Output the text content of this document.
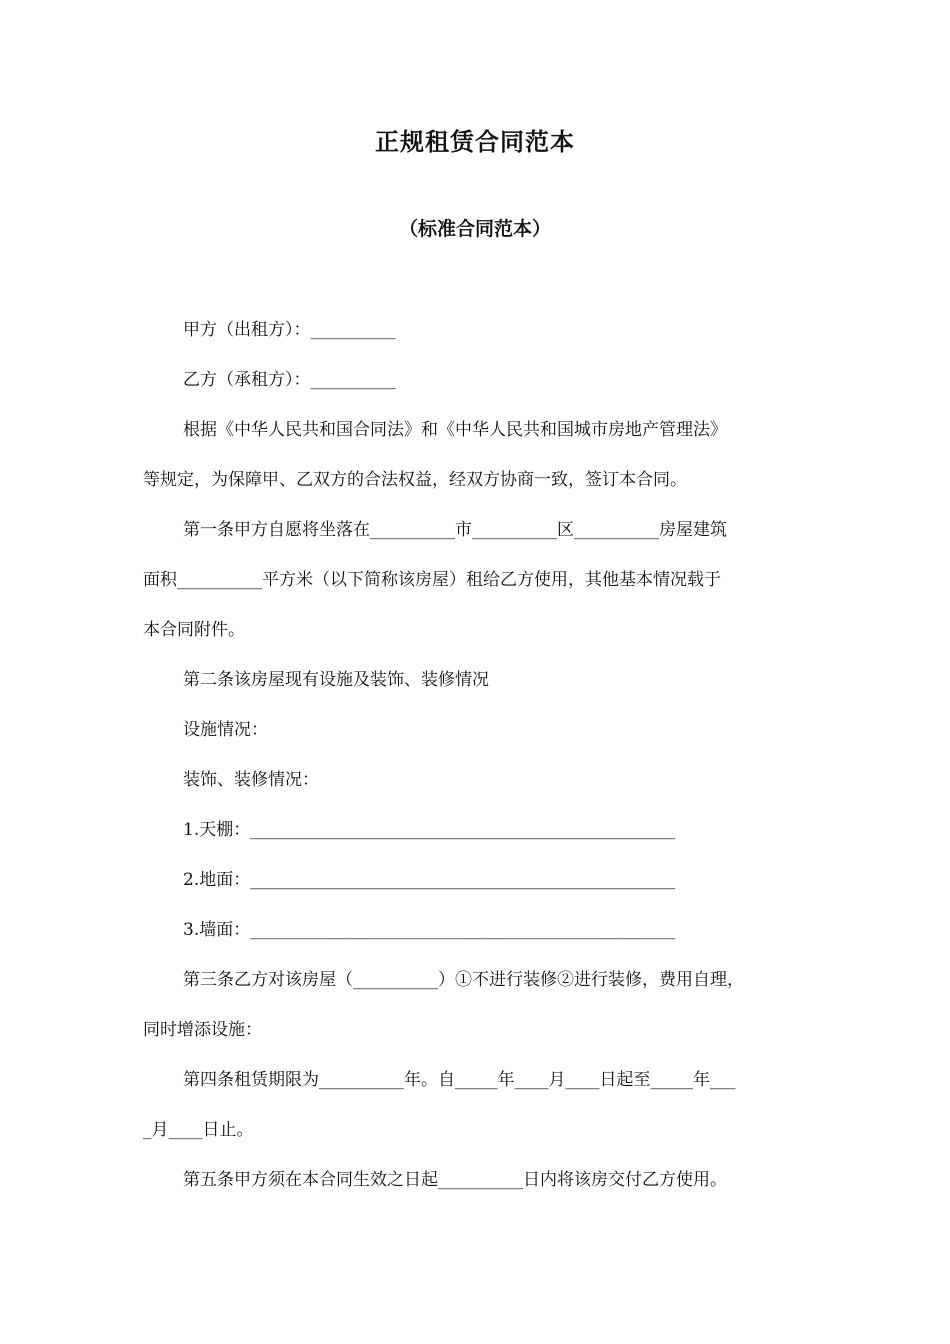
正规租赁合同范本
（标准合同范本）
甲方（出租方）：__________
乙方（承租方）：__________
根据《中华人民共和国合同法》和《中华人民共和国城市房地产管理法》
等规定，为保障甲、乙双方的合法权益，经双方协商一致，签订本合同。
第一条甲方自愿将坐落在__________市__________区__________房屋建筑
面积__________平方米（以下简称该房屋）租给乙方使用，其他基本情况载于
本合同附件。
第二条该房屋现有设施及装饰、装修情况
设施情况：
装饰、装修情况：
1.天棚：__________________________________________________
2.地面：__________________________________________________
3.墙面：__________________________________________________
第三条乙方对该房屋（__________）①不进行装修②进行装修，费用自理，
同时增添设施：
第四条租赁期限为__________年。自_____年____月____日起至_____年___
_月____日止。
第五条甲方须在本合同生效之日起__________日内将该房交付乙方使用。
